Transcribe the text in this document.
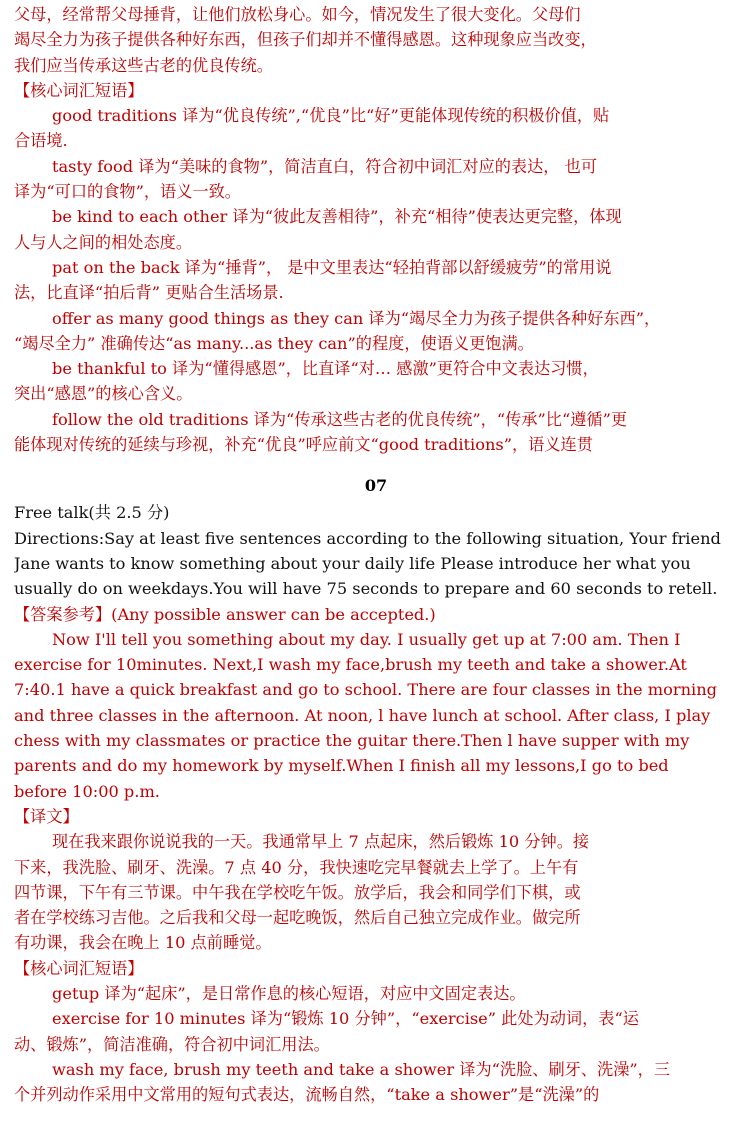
父母，经常帮父母捶背，让他们放松身心。如今，情况发生了很大变化。父母们
竭尽全力为孩子提供各种好东西，但孩子们却并不懂得感恩。这种现象应当改变，
我们应当传承这些古老的优良传统。
【核心词汇短语】
good traditions 译为“优良传统”,“优良”比“好”更能体现传统的积极价值，贴
合语境.
tasty food 译为“美味的食物”，简洁直白，符合初中词汇对应的表达， 也可
译为“可口的食物”，语义一致。
be kind to each other 译为“彼此友善相待”，补充“相待”使表达更完整，体现
人与人之间的相处态度。
pat on the back 译为“捶背”， 是中文里表达“轻拍背部以舒缓疲劳”的常用说
法，比直译“拍后背” 更贴合生活场景.
offer as many good things as they can 译为“竭尽全力为孩子提供各种好东西”，
“竭尽全力” 准确传达“as many...as they can”的程度，使语义更饱满。
be thankful to 译为“懂得感恩”，比直译“对… 感激”更符合中文表达习惯，
突出“感恩”的核心含义。
follow the old traditions 译为“传承这些古老的优良传统”，“传承”比“遵循”更
能体现对传统的延续与珍视，补充“优良”呼应前文“good traditions”，语义连贯
07
Free talk(共 2.5 分)
Directions:Say at least five sentences according to the following situation, Your friend
Jane wants to know something about your daily life Please introduce her what you
usually do on weekdays.You will have 75 seconds to prepare and 60 seconds to retell.
【答案参考】(Any possible answer can be accepted.)
Now I'll tell you something about my day. I usually get up at 7:00 am. Then I
exercise for 10minutes. Next,I wash my face,brush my teeth and take a shower.At
7:40.1 have a quick breakfast and go to school. There are four classes in the morning
and three classes in the afternoon. At noon, l have lunch at school. After class, I play
chess with my classmates or practice the guitar there.Then l have supper with my
parents and do my homework by myself.When I finish all my lessons,I go to bed
before 10:00 p.m.
【译文】
现在我来跟你说说我的一天。我通常早上 7 点起床，然后锻炼 10 分钟。接
下来，我洗脸、刷牙、洗澡。7 点 40 分，我快速吃完早餐就去上学了。上午有
四节课，下午有三节课。中午我在学校吃午饭。放学后，我会和同学们下棋，或
者在学校练习吉他。之后我和父母一起吃晚饭，然后自己独立完成作业。做完所
有功课，我会在晚上 10 点前睡觉。
【核心词汇短语】
getup 译为“起床”，是日常作息的核心短语，对应中文固定表达。
exercise for 10 minutes 译为“锻炼 10 分钟”，“exercise” 此处为动词，表“运
动、锻炼”，简洁准确，符合初中词汇用法。
wash my face, brush my teeth and take a shower 译为“洗脸、刷牙、洗澡”，三
个并列动作采用中文常用的短句式表达，流畅自然，“take a shower”是“洗澡”的
